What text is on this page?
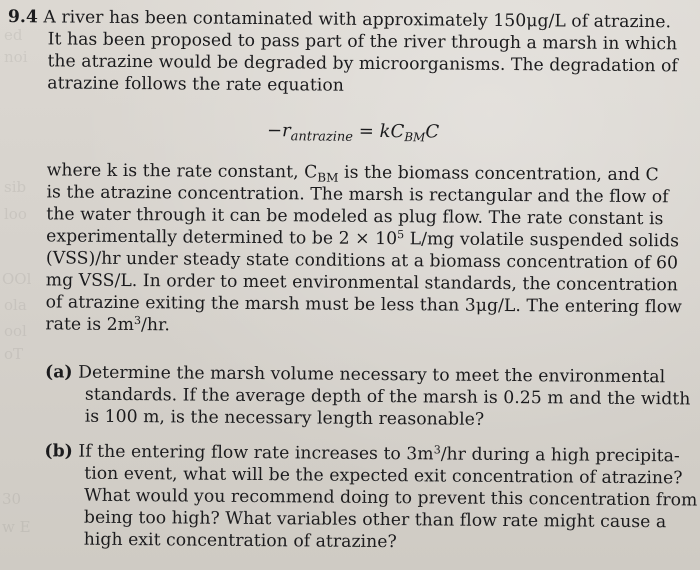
ed
noi
sib
loo
OOl
ola
ool
oT
30
w E
9.4 A river has been contaminated with approximately 150μg/L of atrazine.
It has been proposed to pass part of the river through a marsh in which
the atrazine would be degraded by microorganisms. The degradation of
atrazine follows the rate equation
$-r_{antrazine} = kC_{BM}C$
where k is the rate constant, $C_{BM}$ is the biomass concentration, and C
is the atrazine concentration. The marsh is rectangular and the flow of
the water through it can be modeled as plug flow. The rate constant is
experimentally determined to be $2 \times 10^5$ L/mg volatile suspended solids
(VSS)/hr under steady state conditions at a biomass concentration of 60
mg VSS/L. In order to meet environmental standards, the concentration
of atrazine exiting the marsh must be less than 3μg/L. The entering flow
rate is $2m^3/hr$.
(a) Determine the marsh volume necessary to meet the environmental
standards. If the average depth of the marsh is 0.25 m and the width
is 100 m, is the necessary length reasonable?
(b) If the entering flow rate increases to $3m^3/hr$ during a high precipita-
tion event, what will be the expected exit concentration of atrazine?
What would you recommend doing to prevent this concentration from
being too high? What variables other than flow rate might cause a
high exit concentration of atrazine?
